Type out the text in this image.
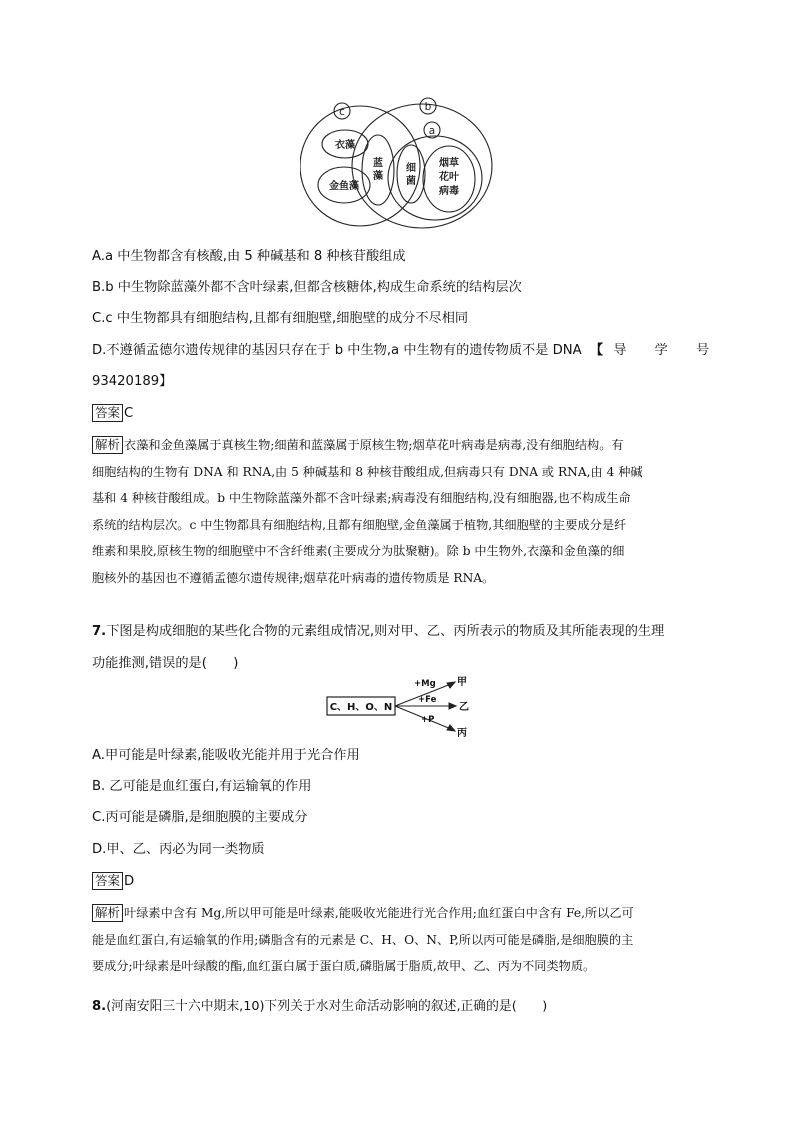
c	b
a
衣藻
金鱼藻
蓝
藻
细
菌
烟草
花叶
病毒
A.a 中生物都含有核酸,由 5 种碱基和 8 种核苷酸组成
B.b 中生物除蓝藻外都不含叶绿素,但都含核糖体,构成生命系统的结构层次
C.c 中生物都具有细胞结构,且都有细胞壁,细胞壁的成分不尽相同
D.不遵循孟德尔遗传规律的基因只存在于 b 中生物,a 中生物有的遗传物质不是 DNA 【 导 学 号
93420189】
答案 C
解析 衣藻和金鱼藻属于真核生物;细菌和蓝藻属于原核生物;烟草花叶病毒是病毒,没有细胞结构。有
细胞结构的生物有 DNA 和 RNA,由 5 种碱基和 8 种核苷酸组成,但病毒只有 DNA 或 RNA,由 4 种碱
基和 4 种核苷酸组成。b 中生物除蓝藻外都不含叶绿素;病毒没有细胞结构,没有细胞器,也不构成生命
系统的结构层次。c 中生物都具有细胞结构,且都有细胞壁,金鱼藻属于植物,其细胞壁的主要成分是纤
维素和果胶,原核生物的细胞壁中不含纤维素(主要成分为肽聚糖)。除 b 中生物外,衣藻和金鱼藻的细
胞核外的基因也不遵循孟德尔遗传规律;烟草花叶病毒的遗传物质是 RNA。
7.下图是构成细胞的某些化合物的元素组成情况,则对甲、乙、丙所表示的物质及其所能表现的生理
功能推测,错误的是(　　)
C、H、O、N
+Mg
+Fe
+P
甲
乙
丙
A.甲可能是叶绿素,能吸收光能并用于光合作用
B. 乙可能是血红蛋白,有运输氧的作用
C.丙可能是磷脂,是细胞膜的主要成分
D.甲、乙、丙必为同一类物质
答案 D
解析 叶绿素中含有 Mg,所以甲可能是叶绿素,能吸收光能进行光合作用;血红蛋白中含有 Fe,所以乙可
能是血红蛋白,有运输氧的作用;磷脂含有的元素是 C、H、O、N、P,所以丙可能是磷脂,是细胞膜的主
要成分;叶绿素是叶绿酸的酯,血红蛋白属于蛋白质,磷脂属于脂质,故甲、乙、丙为不同类物质。
8.(河南安阳三十六中期末,10)下列关于水对生命活动影响的叙述,正确的是(　　)
